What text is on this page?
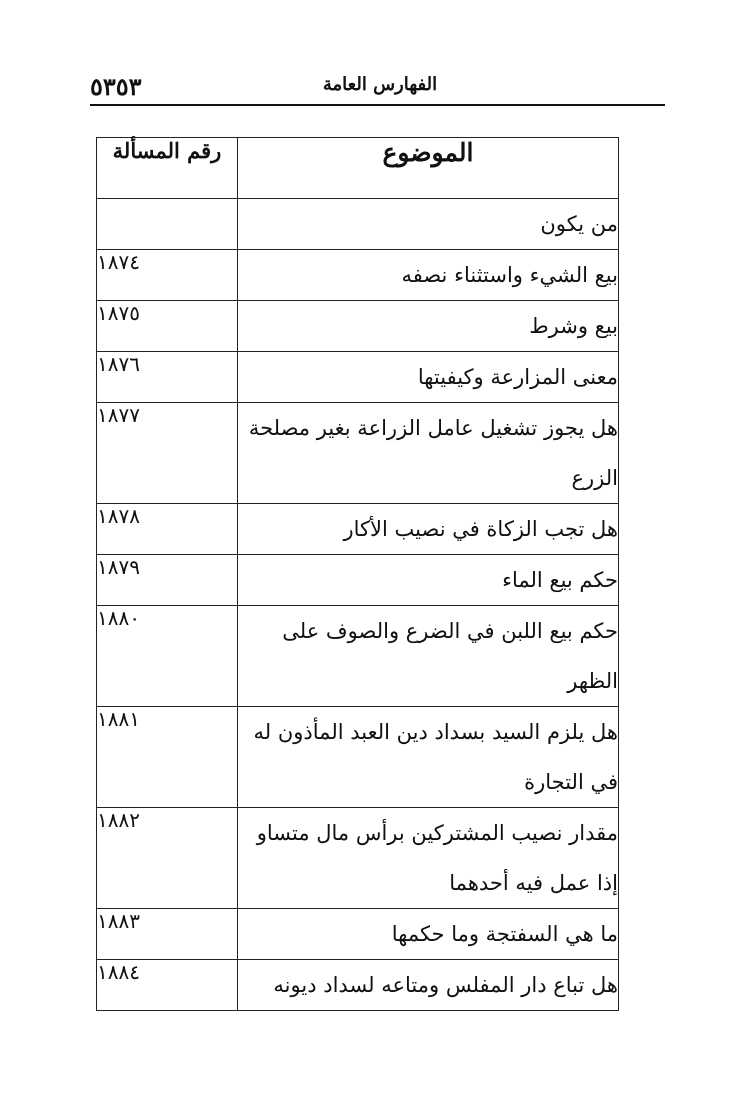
٥٣٥٣	الفهارس العامة
الموضوع	رقم المسألة
من يكون	
بيع الشيء واستثناء نصفه	١٨٧٤
بيع وشرط	١٨٧٥
معنى المزارعة وكيفيتها	١٨٧٦
هل يجوز تشغيل عامل الزراعة بغير مصلحة الزرع	١٨٧٧
هل تجب الزكاة في نصيب الأكار	١٨٧٨
حكم بيع الماء	١٨٧٩
حكم بيع اللبن في الضرع والصوف على الظهر	١٨٨٠
هل يلزم السيد بسداد دين العبد المأذون له في التجارة	١٨٨١
مقدار نصيب المشتركين برأس مال متساو إذا عمل فيه أحدهما	١٨٨٢
ما هي السفتجة وما حكمها	١٨٨٣
هل تباع دار المفلس ومتاعه لسداد ديونه	١٨٨٤
